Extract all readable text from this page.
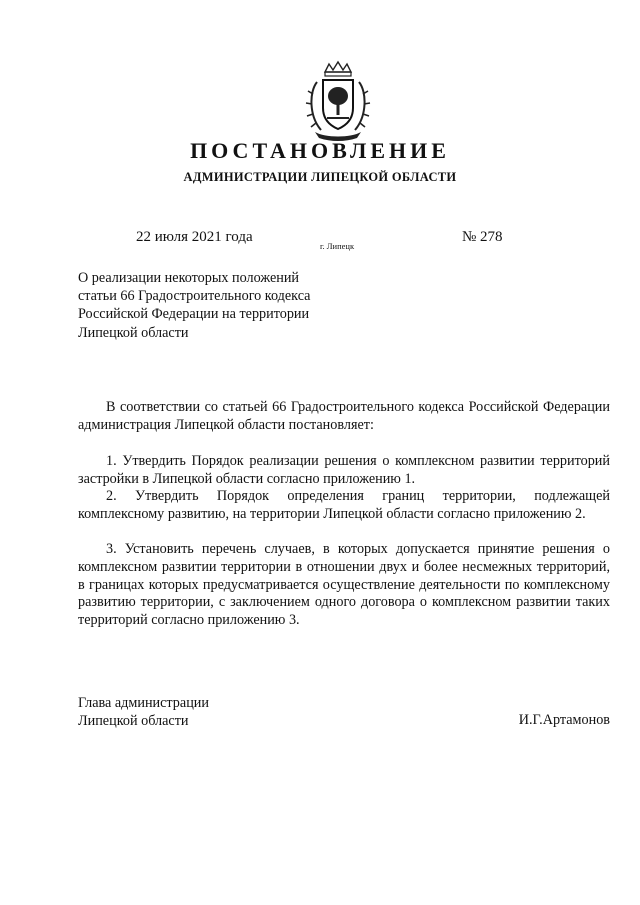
ПОСТАНОВЛЕНИЕ
АДМИНИСТРАЦИИ ЛИПЕЦКОЙ ОБЛАСТИ
22 июля 2021 года
г. Липецк
№ 278
О реализации некоторых положений
статьи 66 Градостроительного кодекса
Российской Федерации на территории
Липецкой области

В соответствии со статьей 66 Градостроительного кодекса Российской Федерации администрация Липецкой области постановляет:

1. Утвердить Порядок реализации решения о комплексном развитии территорий застройки в Липецкой области согласно приложению 1.

2. Утвердить Порядок определения границ территории, подлежащей комплексному развитию, на территории Липецкой области согласно приложению 2.

3. Установить перечень случаев, в которых допускается принятие решения о комплексном развитии территории в отношении двух и более несмежных территорий, в границах которых предусматривается осуществление деятельности по комплексному развитию территории, с заключением одного договора о комплексном развитии таких территорий согласно приложению 3.

Глава администрации
Липецкой области	И.Г.Артамонов
